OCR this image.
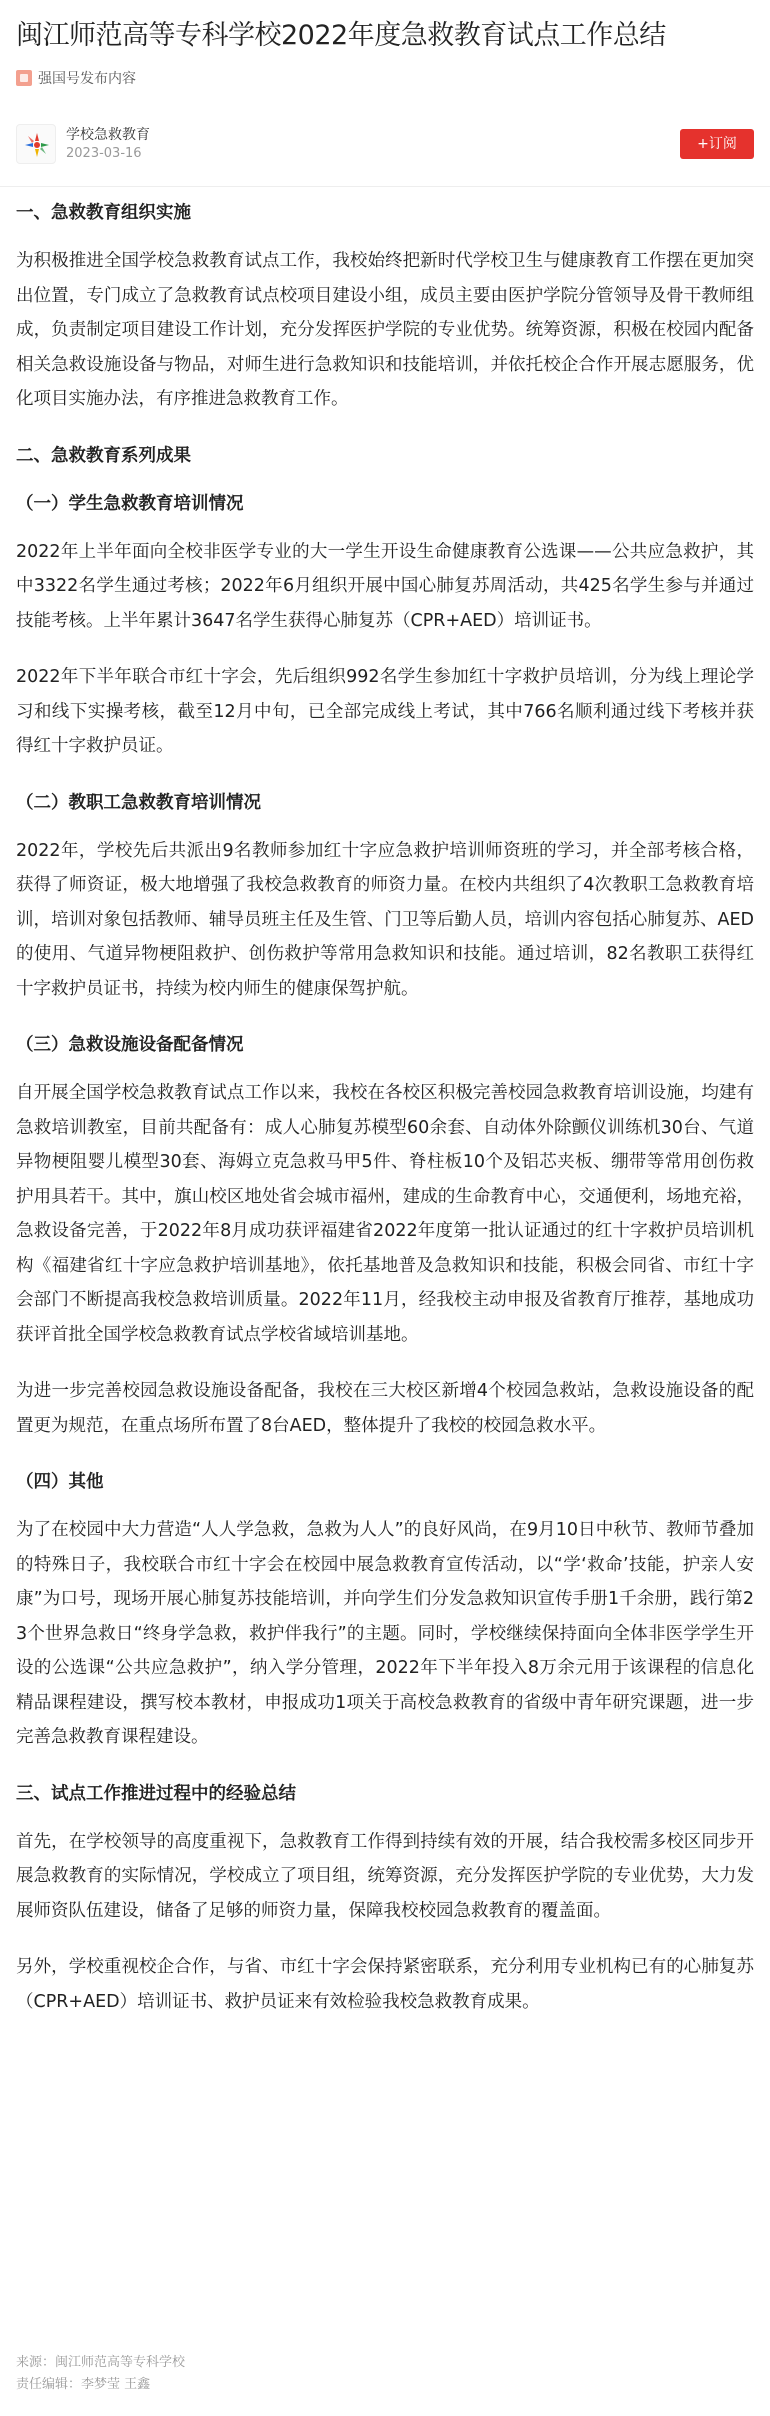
闽江师范高等专科学校2022年度急救教育试点工作总结
强国号发布内容
学校急救教育
2023-03-16
+订阅
一、急救教育组织实施

为积极推进全国学校急救教育试点工作，我校始终把新时代学校卫生与健康教育工作摆在更加突出位置，专门成立了急救教育试点校项目建设小组，成员主要由医护学院分管领导及骨干教师组成，负责制定项目建设工作计划，充分发挥医护学院的专业优势。统筹资源，积极在校园内配备相关急救设施设备与物品，对师生进行急救知识和技能培训，并依托校企合作开展志愿服务，优化项目实施办法，有序推进急救教育工作。

二、急救教育系列成果
（一）学生急救教育培训情况

2022年上半年面向全校非医学专业的大一学生开设生命健康教育公选课——公共应急救护，其中3322名学生通过考核；2022年6月组织开展中国心肺复苏周活动，共425名学生参与并通过技能考核。上半年累计3647名学生获得心肺复苏（CPR+AED）培训证书。

2022年下半年联合市红十字会，先后组织992名学生参加红十字救护员培训，分为线上理论学习和线下实操考核，截至12月中旬，已全部完成线上考试，其中766名顺利通过线下考核并获得红十字救护员证。

（二）教职工急救教育培训情况

2022年，学校先后共派出9名教师参加红十字应急救护培训师资班的学习，并全部考核合格，获得了师资证，极大地增强了我校急救教育的师资力量。在校内共组织了4次教职工急救教育培训，培训对象包括教师、辅导员班主任及生管、门卫等后勤人员，培训内容包括心肺复苏、AED的使用、气道异物梗阻救护、创伤救护等常用急救知识和技能。通过培训，82名教职工获得红十字救护员证书，持续为校内师生的健康保驾护航。

（三）急救设施设备配备情况

自开展全国学校急救教育试点工作以来，我校在各校区积极完善校园急救教育培训设施，均建有急救培训教室，目前共配备有：成人心肺复苏模型60余套、自动体外除颤仪训练机30台、气道异物梗阻婴儿模型30套、海姆立克急救马甲5件、脊柱板10个及铝芯夹板、绷带等常用创伤救护用具若干。其中，旗山校区地处省会城市福州，建成的生命教育中心，交通便利，场地充裕，急救设备完善，于2022年8月成功获评福建省2022年度第一批认证通过的红十字救护员培训机构《福建省红十字应急救护培训基地》，依托基地普及急救知识和技能，积极会同省、市红十字会部门不断提高我校急救培训质量。2022年11月，经我校主动申报及省教育厅推荐，基地成功获评首批全国学校急救教育试点学校省域培训基地。

为进一步完善校园急救设施设备配备，我校在三大校区新增4个校园急救站，急救设施设备的配置更为规范，在重点场所布置了8台AED，整体提升了我校的校园急救水平。

（四）其他

为了在校园中大力营造“人人学急救，急救为人人”的良好风尚，在9月10日中秋节、教师节叠加的特殊日子，我校联合市红十字会在校园中展急救教育宣传活动，以“学‘救命’技能，护亲人安康”为口号，现场开展心肺复苏技能培训，并向学生们分发急救知识宣传手册1千余册，践行第23个世界急救日“终身学急救，救护伴我行”的主题。同时，学校继续保持面向全体非医学学生开设的公选课“公共应急救护”，纳入学分管理，2022年下半年投入8万余元用于该课程的信息化精品课程建设，撰写校本教材，申报成功1项关于高校急救教育的省级中青年研究课题，进一步完善急救教育课程建设。

三、试点工作推进过程中的经验总结

首先，在学校领导的高度重视下，急救教育工作得到持续有效的开展，结合我校需多校区同步开展急救教育的实际情况，学校成立了项目组，统筹资源，充分发挥医护学院的专业优势，大力发展师资队伍建设，储备了足够的师资力量，保障我校校园急救教育的覆盖面。

另外，学校重视校企合作，与省、市红十字会保持紧密联系，充分利用专业机构已有的心肺复苏（CPR+AED）培训证书、救护员证来有效检验我校急救教育成果。

来源：闽江师范高等专科学校
责任编辑：李梦莹 王鑫
